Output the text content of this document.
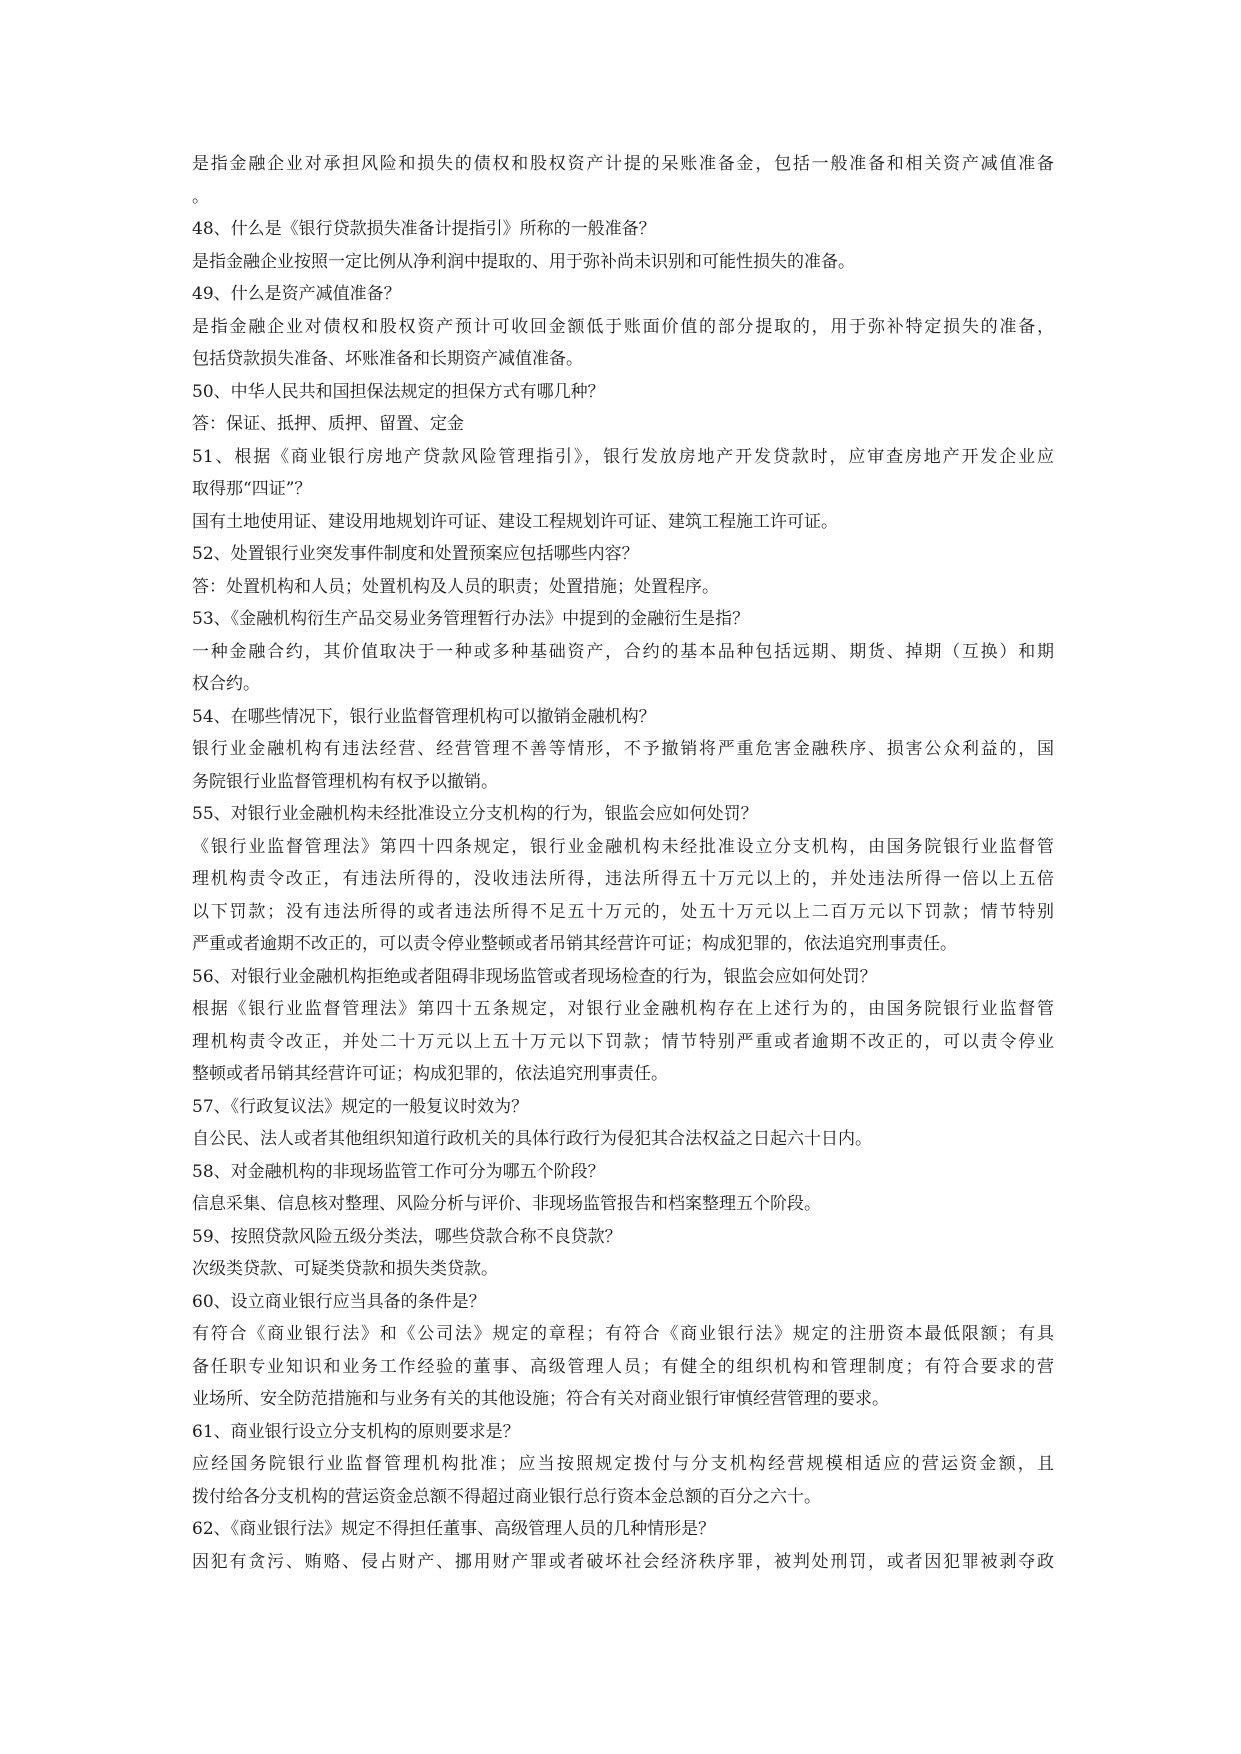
是指金融企业对承担风险和损失的债权和股权资产计提的呆账准备金，包括一般准备和相关资产减值准备
。
48、什么是《银行贷款损失准备计提指引》所称的一般准备？
是指金融企业按照一定比例从净利润中提取的、用于弥补尚未识别和可能性损失的准备。
49、什么是资产减值准备？
是指金融企业对债权和股权资产预计可收回金额低于账面价值的部分提取的，用于弥补特定损失的准备，
包括贷款损失准备、坏账准备和长期资产减值准备。
50、中华人民共和国担保法规定的担保方式有哪几种？
答：保证、抵押、质押、留置、定金
51、根据《商业银行房地产贷款风险管理指引》，银行发放房地产开发贷款时，应审查房地产开发企业应
取得那“四证”？
国有土地使用证、建设用地规划许可证、建设工程规划许可证、建筑工程施工许可证。
52、处置银行业突发事件制度和处置预案应包括哪些内容？
答：处置机构和人员；处置机构及人员的职责；处置措施；处置程序。
53、《金融机构衍生产品交易业务管理暂行办法》中提到的金融衍生是指？
一种金融合约，其价值取决于一种或多种基础资产，合约的基本品种包括远期、期货、掉期（互换）和期
权合约。
54、在哪些情况下，银行业监督管理机构可以撤销金融机构？
银行业金融机构有违法经营、经营管理不善等情形，不予撤销将严重危害金融秩序、损害公众利益的，国
务院银行业监督管理机构有权予以撤销。
55、对银行业金融机构未经批准设立分支机构的行为，银监会应如何处罚？
《银行业监督管理法》第四十四条规定，银行业金融机构未经批准设立分支机构，由国务院银行业监督管
理机构责令改正，有违法所得的，没收违法所得，违法所得五十万元以上的，并处违法所得一倍以上五倍
以下罚款；没有违法所得的或者违法所得不足五十万元的，处五十万元以上二百万元以下罚款；情节特别
严重或者逾期不改正的，可以责令停业整顿或者吊销其经营许可证；构成犯罪的，依法追究刑事责任。
56、对银行业金融机构拒绝或者阻碍非现场监管或者现场检查的行为，银监会应如何处罚？
根据《银行业监督管理法》第四十五条规定，对银行业金融机构存在上述行为的，由国务院银行业监督管
理机构责令改正，并处二十万元以上五十万元以下罚款；情节特别严重或者逾期不改正的，可以责令停业
整顿或者吊销其经营许可证；构成犯罪的，依法追究刑事责任。
57、《行政复议法》规定的一般复议时效为？
自公民、法人或者其他组织知道行政机关的具体行政行为侵犯其合法权益之日起六十日内。
58、对金融机构的非现场监管工作可分为哪五个阶段？
信息采集、信息核对整理、风险分析与评价、非现场监管报告和档案整理五个阶段。
59、按照贷款风险五级分类法，哪些贷款合称不良贷款？
次级类贷款、可疑类贷款和损失类贷款。
60、设立商业银行应当具备的条件是？
有符合《商业银行法》和《公司法》规定的章程；有符合《商业银行法》规定的注册资本最低限额；有具
备任职专业知识和业务工作经验的董事、高级管理人员；有健全的组织机构和管理制度；有符合要求的营
业场所、安全防范措施和与业务有关的其他设施；符合有关对商业银行审慎经营管理的要求。
61、商业银行设立分支机构的原则要求是？
应经国务院银行业监督管理机构批准；应当按照规定拨付与分支机构经营规模相适应的营运资金额，且
拨付给各分支机构的营运资金总额不得超过商业银行总行资本金总额的百分之六十。
62、《商业银行法》规定不得担任董事、高级管理人员的几种情形是？
因犯有贪污、贿赂、侵占财产、挪用财产罪或者破坏社会经济秩序罪，被判处刑罚，或者因犯罪被剥夺政
